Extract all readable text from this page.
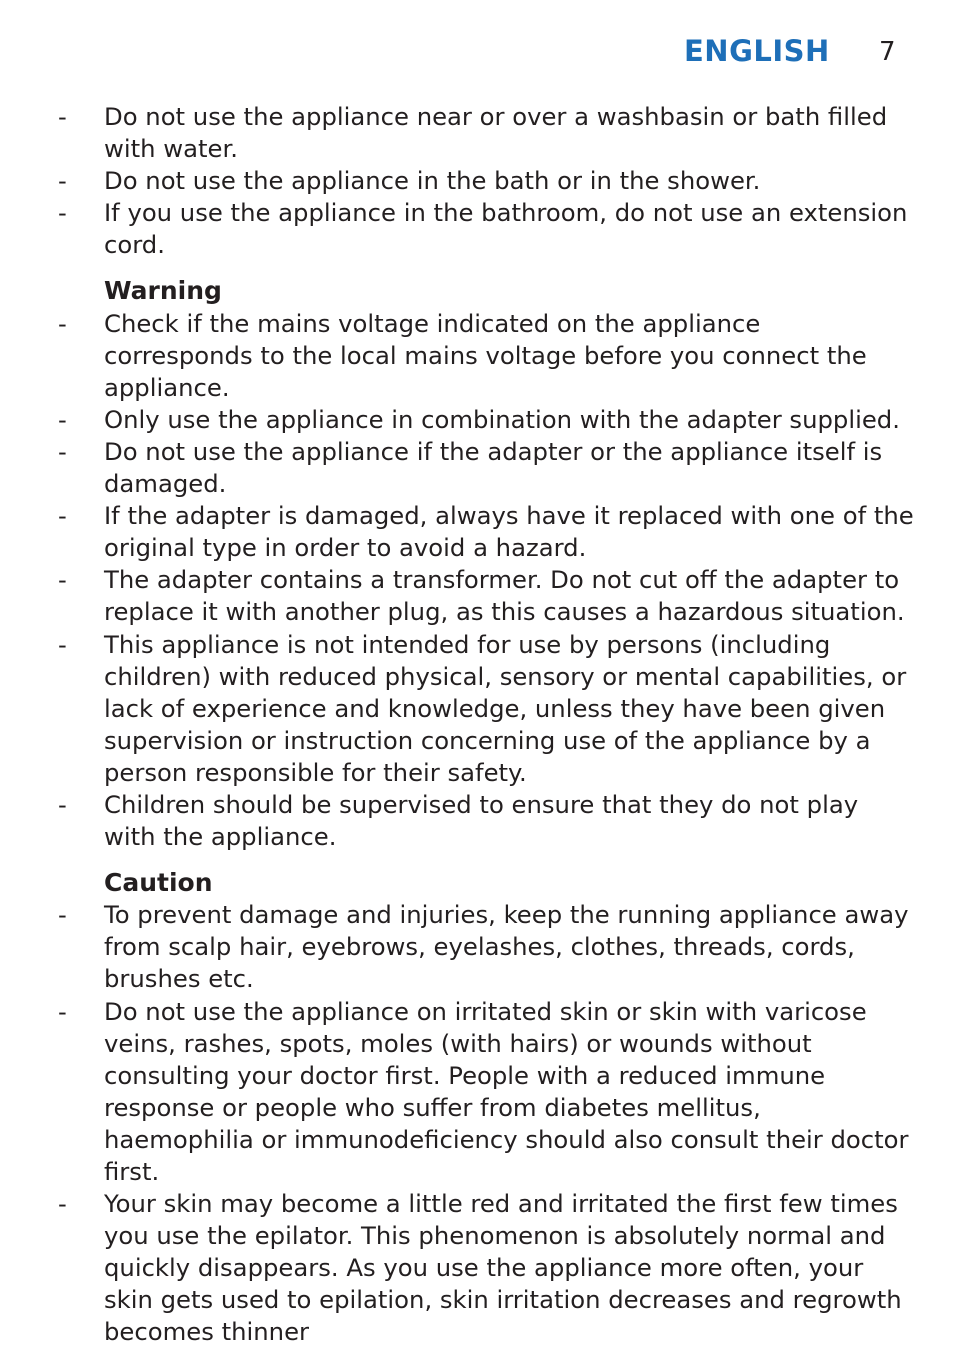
ENGLISH 7
- Do not use the appliance near or over a washbasin or bath filled with water.
- Do not use the appliance in the bath or in the shower.
- If you use the appliance in the bathroom, do not use an extension cord.
Warning
- Check if the mains voltage indicated on the appliance corresponds to the local mains voltage before you connect the appliance.
- Only use the appliance in combination with the adapter supplied.
- Do not use the appliance if the adapter or the appliance itself is damaged.
- If the adapter is damaged, always have it replaced with one of the original type in order to avoid a hazard.
- The adapter contains a transformer. Do not cut off the adapter to replace it with another plug, as this causes a hazardous situation.
- This appliance is not intended for use by persons (including children) with reduced physical, sensory or mental capabilities, or lack of experience and knowledge, unless they have been given supervision or instruction concerning use of the appliance by a person responsible for their safety.
- Children should be supervised to ensure that they do not play with the appliance.
Caution
- To prevent damage and injuries, keep the running appliance away from scalp hair, eyebrows, eyelashes, clothes, threads, cords, brushes etc.
- Do not use the appliance on irritated skin or skin with varicose veins, rashes, spots, moles (with hairs) or wounds without consulting your doctor first. People with a reduced immune response or people who suffer from diabetes mellitus, haemophilia or immunodeficiency should also consult their doctor first.
- Your skin may become a little red and irritated the first few times you use the epilator. This phenomenon is absolutely normal and quickly disappears. As you use the appliance more often, your skin gets used to epilation, skin irritation decreases and regrowth becomes thinner
